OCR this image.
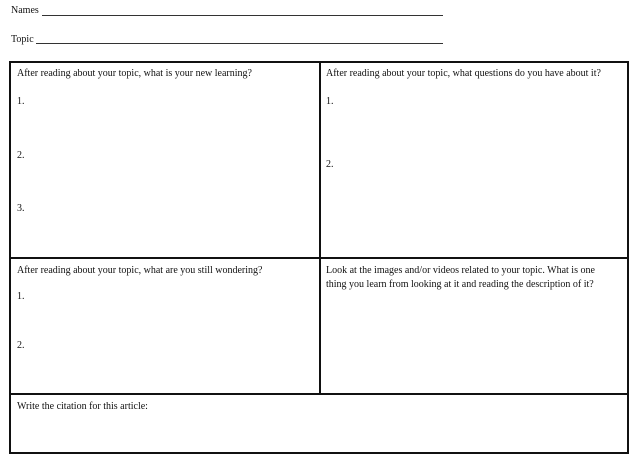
Names
Topic
After reading about your topic, what is your new learning?
1.
2.
3.
After reading about your topic, what questions do you have about it?
1.
2.
After reading about your topic, what are you still wondering?
1.
2.
Look at the images and/or videos related to your topic. What is one thing you learn from looking at it and reading the description of it?
Write the citation for this article:
